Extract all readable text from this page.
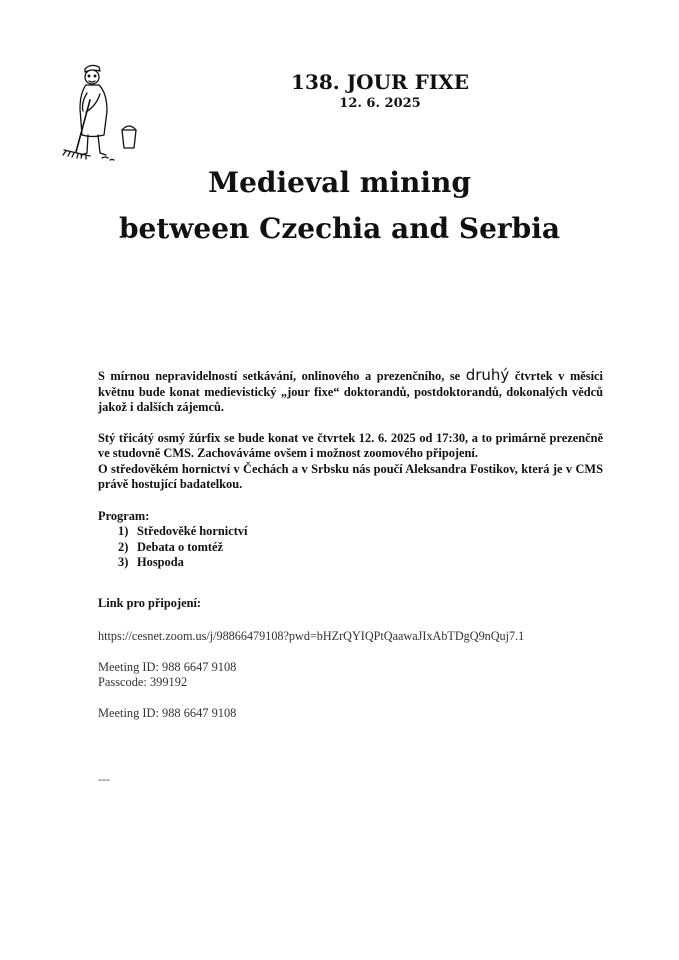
138. JOUR FIXE
12. 6. 2025
Medieval mining
between Czechia and Serbia

S mírnou nepravidelností setkávání, onlinového a prezenčního, se druhý čtvrtek v měsíci květnu bude konat medievistický „jour fixe“ doktorandů, postdoktorandů, dokonalých vědců jakož i dalších zájemců.

Stý třicátý osmý žúrfix se bude konat ve čtvrtek 12. 6. 2025 od 17:30, a to primárně prezenčně ve studovně CMS. Zachováváme ovšem i možnost zoomového připojení.
O středověkém hornictví v Čechách a v Srbsku nás poučí Aleksandra Fostikov, která je v CMS právě hostující badatelkou.
Program:
1) Středověké hornictví
2) Debata o tomtéž
3) Hospoda
Link pro připojení:
https://cesnet.zoom.us/j/98866479108?pwd=bHZrQYIQPtQaawaJIxAbTDgQ9nQuj7.1
Meeting ID: 988 6647 9108
Passcode: 399192
Meeting ID: 988 6647 9108
---
